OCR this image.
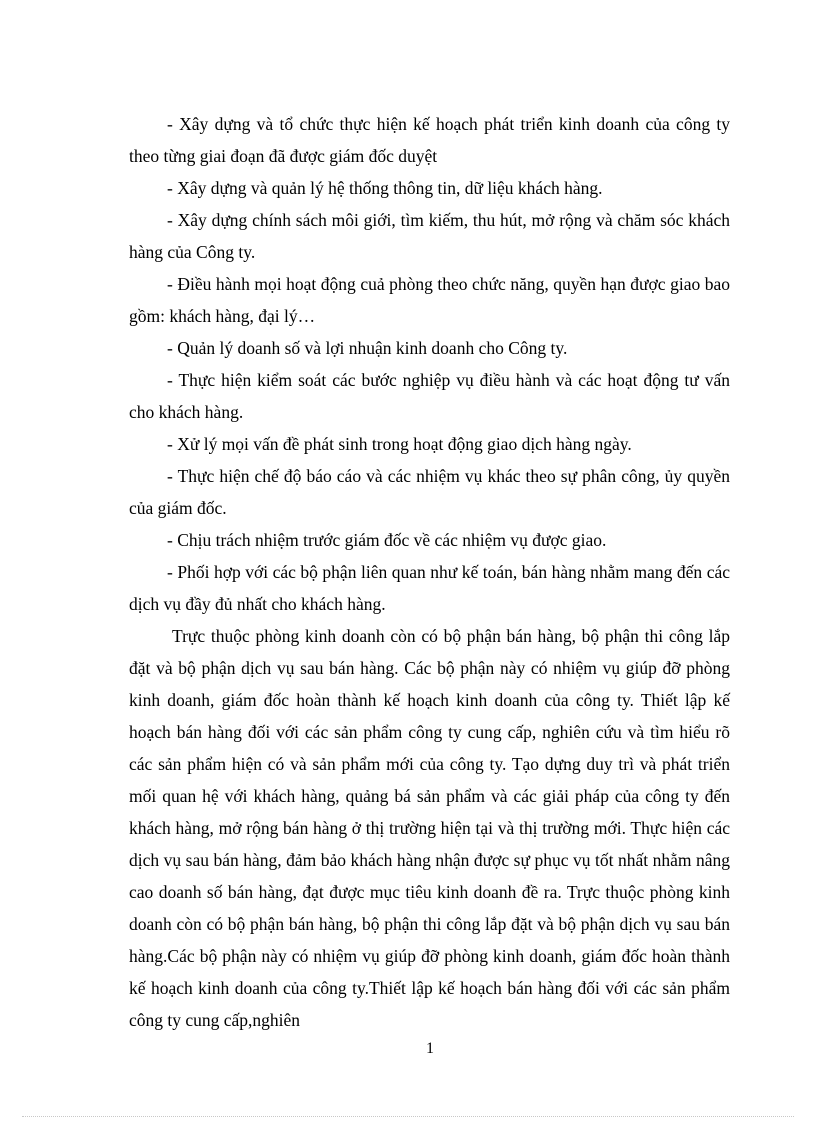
- Xây dựng và tổ chức thực hiện kế hoạch phát triển kinh doanh của công ty theo từng giai đoạn đã được giám đốc duyệt

- Xây dựng và quản lý hệ thống thông tin, dữ liệu khách hàng.

- Xây dựng chính sách môi giới, tìm kiếm, thu hút, mở rộng và chăm sóc khách hàng của Công ty.

- Điều hành mọi hoạt động cuả phòng theo chức năng, quyền hạn được giao bao gồm: khách hàng, đại lý…

- Quản lý doanh số và lợi nhuận kinh doanh cho Công ty.

- Thực hiện kiểm soát các bước nghiệp vụ điều hành và các hoạt động tư vấn cho khách hàng.

- Xử lý mọi vấn đề phát sinh trong hoạt động giao dịch hàng ngày.

- Thực hiện chế độ báo cáo và các nhiệm vụ khác theo sự phân công, ủy quyền của giám đốc.

- Chịu trách nhiệm trước giám đốc về các nhiệm vụ được giao.

- Phối hợp với các bộ phận liên quan như kế toán, bán hàng nhằm mang đến các dịch vụ đầy đủ nhất cho khách hàng.

Trực thuộc phòng kinh doanh còn có bộ phận bán hàng, bộ phận thi công lắp đặt và bộ phận dịch vụ sau bán hàng. Các bộ phận này có nhiệm vụ giúp đỡ phòng kinh doanh, giám đốc hoàn thành kế hoạch kinh doanh của công ty. Thiết lập kế hoạch bán hàng đối với các sản phẩm công ty cung cấp, nghiên cứu và tìm hiểu rõ các sản phẩm hiện có và sản phẩm mới của công ty. Tạo dựng duy trì và phát triển mối quan hệ với khách hàng, quảng bá sản phẩm và các giải pháp của công ty đến khách hàng, mở rộng bán hàng ở thị trường hiện tại và thị trường mới. Thực hiện các dịch vụ sau bán hàng, đảm bảo khách hàng nhận được sự phục vụ tốt nhất nhằm nâng cao doanh số bán hàng, đạt được mục tiêu kinh doanh đề ra. Trực thuộc phòng kinh doanh còn có bộ phận bán hàng, bộ phận thi công lắp đặt và bộ phận dịch vụ sau bán hàng.Các bộ phận này có nhiệm vụ giúp đỡ phòng kinh doanh, giám đốc hoàn thành kế hoạch kinh doanh của công ty.Thiết lập kế hoạch bán hàng đối với các sản phẩm công ty cung cấp,nghiên

1
